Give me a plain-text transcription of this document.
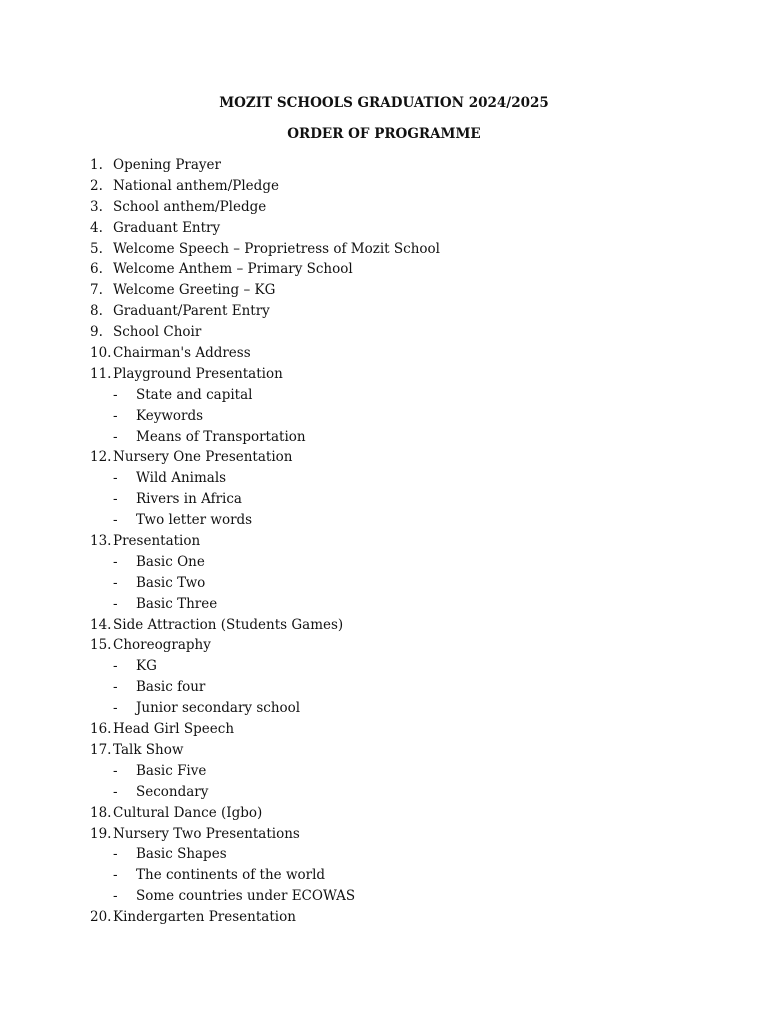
MOZIT SCHOOLS GRADUATION 2024/2025
ORDER OF PROGRAMME
1. Opening Prayer
2. National anthem/Pledge
3. School anthem/Pledge
4. Graduant Entry
5. Welcome Speech – Proprietress of Mozit School
6. Welcome Anthem – Primary School
7. Welcome Greeting – KG
8. Graduant/Parent Entry
9. School Choir
10. Chairman's Address
11. Playground Presentation
- State and capital
- Keywords
- Means of Transportation
12. Nursery One Presentation
- Wild Animals
- Rivers in Africa
- Two letter words
13. Presentation
- Basic One
- Basic Two
- Basic Three
14. Side Attraction (Students Games)
15. Choreography
- KG
- Basic four
- Junior secondary school
16. Head Girl Speech
17. Talk Show
- Basic Five
- Secondary
18. Cultural Dance (Igbo)
19. Nursery Two Presentations
- Basic Shapes
- The continents of the world
- Some countries under ECOWAS
20. Kindergarten Presentation
